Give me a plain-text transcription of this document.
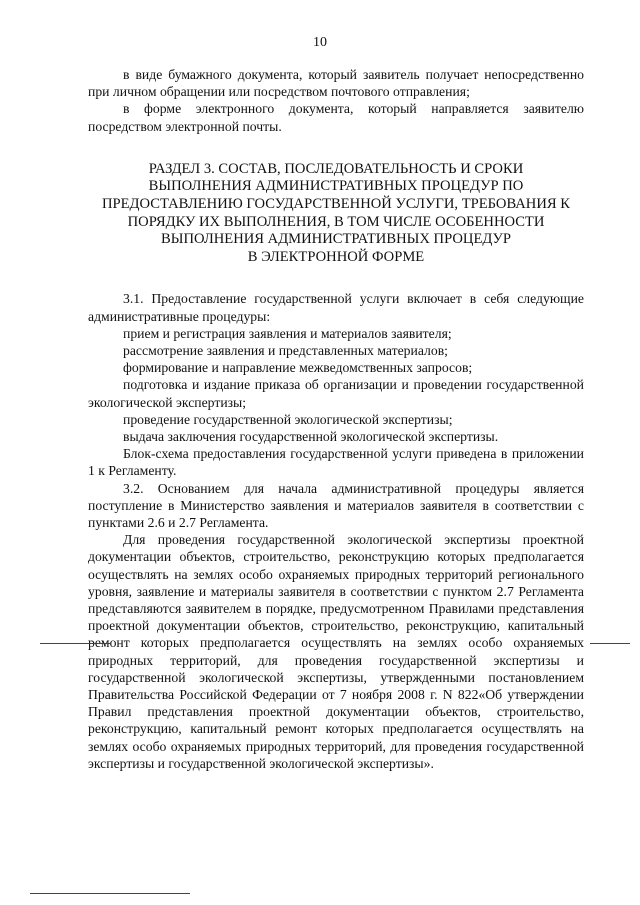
10

в виде бумажного документа, который заявитель получает непосредственно при личном обращении или посредством почтового отправления;

в форме электронного документа, который направляется заявителю посредством электронной почты.

РАЗДЕЛ 3. СОСТАВ, ПОСЛЕДОВАТЕЛЬНОСТЬ И СРОКИ
ВЫПОЛНЕНИЯ АДМИНИСТРАТИВНЫХ ПРОЦЕДУР ПО
ПРЕДОСТАВЛЕНИЮ ГОСУДАРСТВЕННОЙ УСЛУГИ, ТРЕБОВАНИЯ К
ПОРЯДКУ ИХ ВЫПОЛНЕНИЯ, В ТОМ ЧИСЛЕ ОСОБЕННОСТИ
ВЫПОЛНЕНИЯ АДМИНИСТРАТИВНЫХ ПРОЦЕДУР
В ЭЛЕКТРОННОЙ ФОРМЕ

3.1. Предоставление государственной услуги включает в себя следующие административные процедуры:

прием и регистрация заявления и материалов заявителя;

рассмотрение заявления и представленных материалов;

формирование и направление межведомственных запросов;

подготовка и издание приказа об организации и проведении государственной экологической экспертизы;

проведение государственной экологической экспертизы;

выдача заключения государственной экологической экспертизы.

Блок-схема предоставления государственной услуги приведена в приложении 1 к Регламенту.

3.2. Основанием для начала административной процедуры является поступление в Министерство заявления и материалов заявителя в соответствии с пунктами 2.6 и 2.7 Регламента.

Для проведения государственной экологической экспертизы проектной документации объектов, строительство, реконструкцию которых предполагается осуществлять на землях особо охраняемых природных территорий регионального уровня, заявление и материалы заявителя в соответствии с пунктом 2.7 Регламента представляются заявителем в порядке, предусмотренном Правилами представления проектной документации объектов, строительство, реконструкцию, капитальный ремонт которых предполагается осуществлять на землях особо охраняемых природных территорий, для проведения государственной экспертизы и государственной экологической экспертизы, утвержденными постановлением Правительства Российской Федерации от 7 ноября 2008 г. N 822«Об утверждении Правил представления проектной документации объектов, строительство, реконструкцию, капитальный ремонт которых предполагается осуществлять на землях особо охраняемых природных территорий, для проведения государственной экспертизы и государственной экологической экспертизы».
